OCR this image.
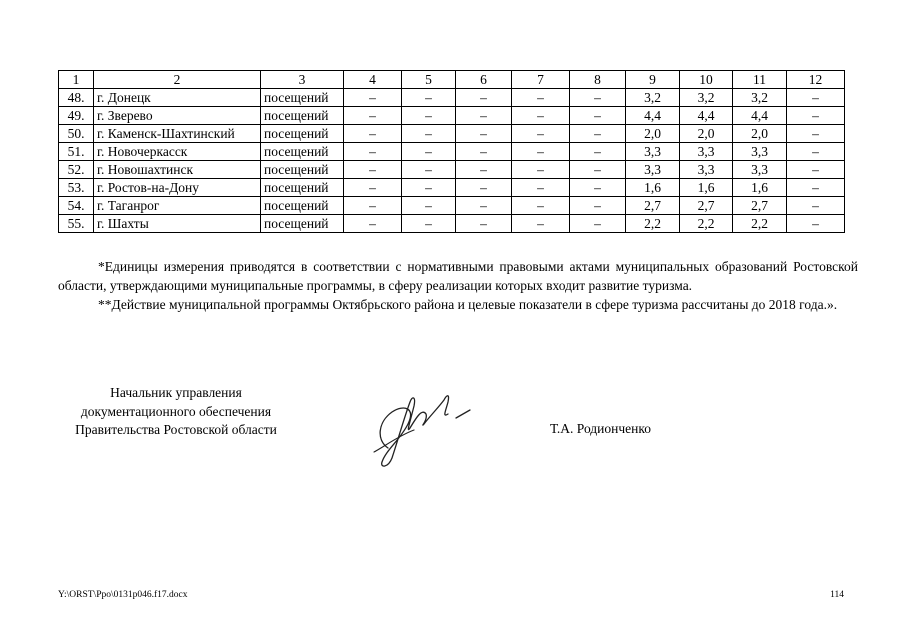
1	2	3	4	5	6	7	8	9	10	11	12
48.	г. Донецк	посещений	–	–	–	–	–	3,2	3,2	3,2	–
49.	г. Зверево	посещений	–	–	–	–	–	4,4	4,4	4,4	–
50.	г. Каменск-Шахтинский	посещений	–	–	–	–	–	2,0	2,0	2,0	–
51.	г. Новочеркасск	посещений	–	–	–	–	–	3,3	3,3	3,3	–
52.	г. Новошахтинск	посещений	–	–	–	–	–	3,3	3,3	3,3	–
53.	г. Ростов-на-Дону	посещений	–	–	–	–	–	1,6	1,6	1,6	–
54.	г. Таганрог	посещений	–	–	–	–	–	2,7	2,7	2,7	–
55.	г. Шахты	посещений	–	–	–	–	–	2,2	2,2	2,2	–

*Единицы измерения приводятся в соответствии с нормативными правовыми актами муниципальных образований Ростовской области, утверждающими муниципальные программы, в сферу реализации которых входит развитие туризма.

**Действие муниципальной программы Октябрьского района и целевые показатели в сфере туризма рассчитаны до 2018 года.».

Начальник управления
документационного обеспечения
Правительства Ростовской области	Т.А. Родионченко
Y:\ORST\Ppo\0131p046.f17.docx	114
